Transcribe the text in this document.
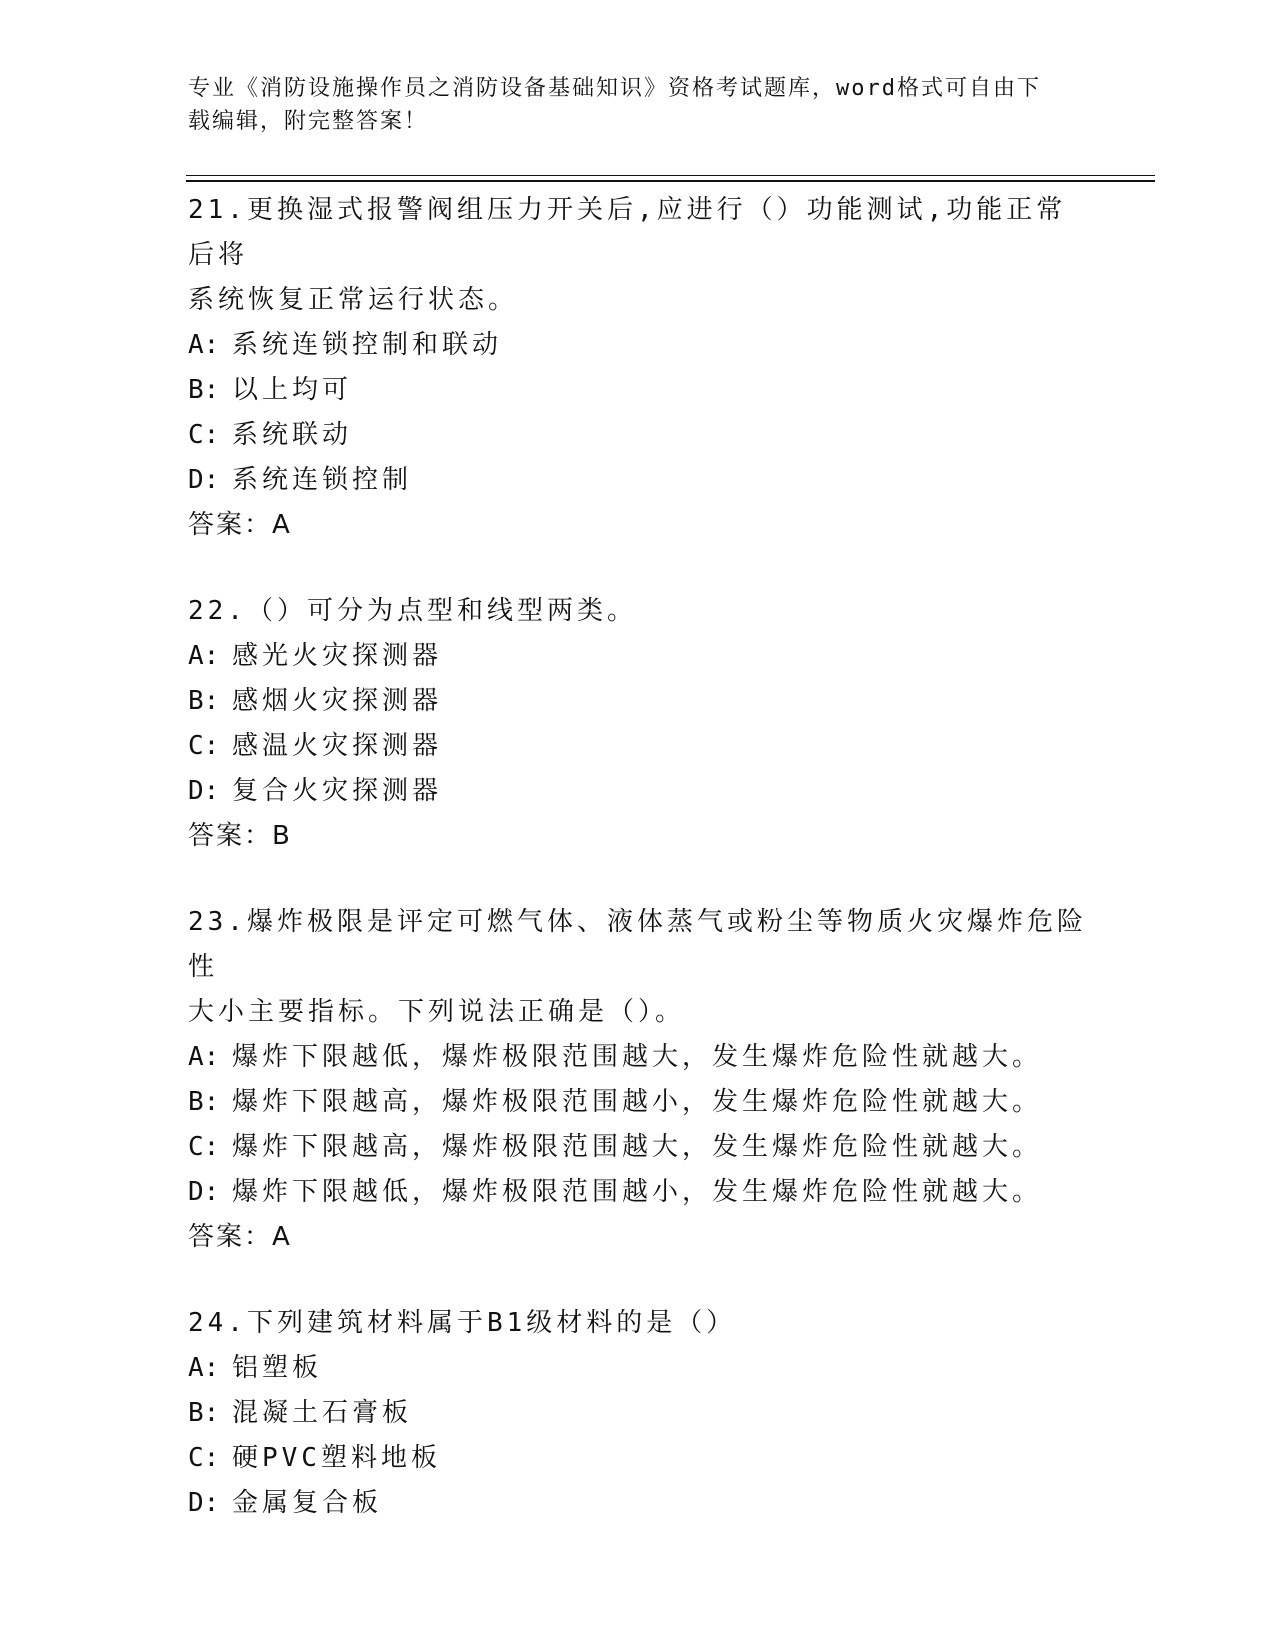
专业《消防设施操作员之消防设备基础知识》资格考试题库，word格式可自由下
载编辑，附完整答案！
21.更换湿式报警阀组压力开关后,应进行（）功能测试,功能正常后将
系统恢复正常运行状态。
A: 系统连锁控制和联动
B: 以上均可
C: 系统联动
D: 系统连锁控制
答案：A
22.（）可分为点型和线型两类。
A: 感光火灾探测器
B: 感烟火灾探测器
C: 感温火灾探测器
D: 复合火灾探测器
答案：B
23.爆炸极限是评定可燃气体、液体蒸气或粉尘等物质火灾爆炸危险性
大小主要指标。下列说法正确是（）。
A: 爆炸下限越低，爆炸极限范围越大，发生爆炸危险性就越大。
B: 爆炸下限越高，爆炸极限范围越小，发生爆炸危险性就越大。
C: 爆炸下限越高，爆炸极限范围越大，发生爆炸危险性就越大。
D: 爆炸下限越低，爆炸极限范围越小，发生爆炸危险性就越大。
答案：A
24.下列建筑材料属于B1级材料的是（）
A: 铝塑板
B: 混凝土石膏板
C: 硬PVC塑料地板
D: 金属复合板
